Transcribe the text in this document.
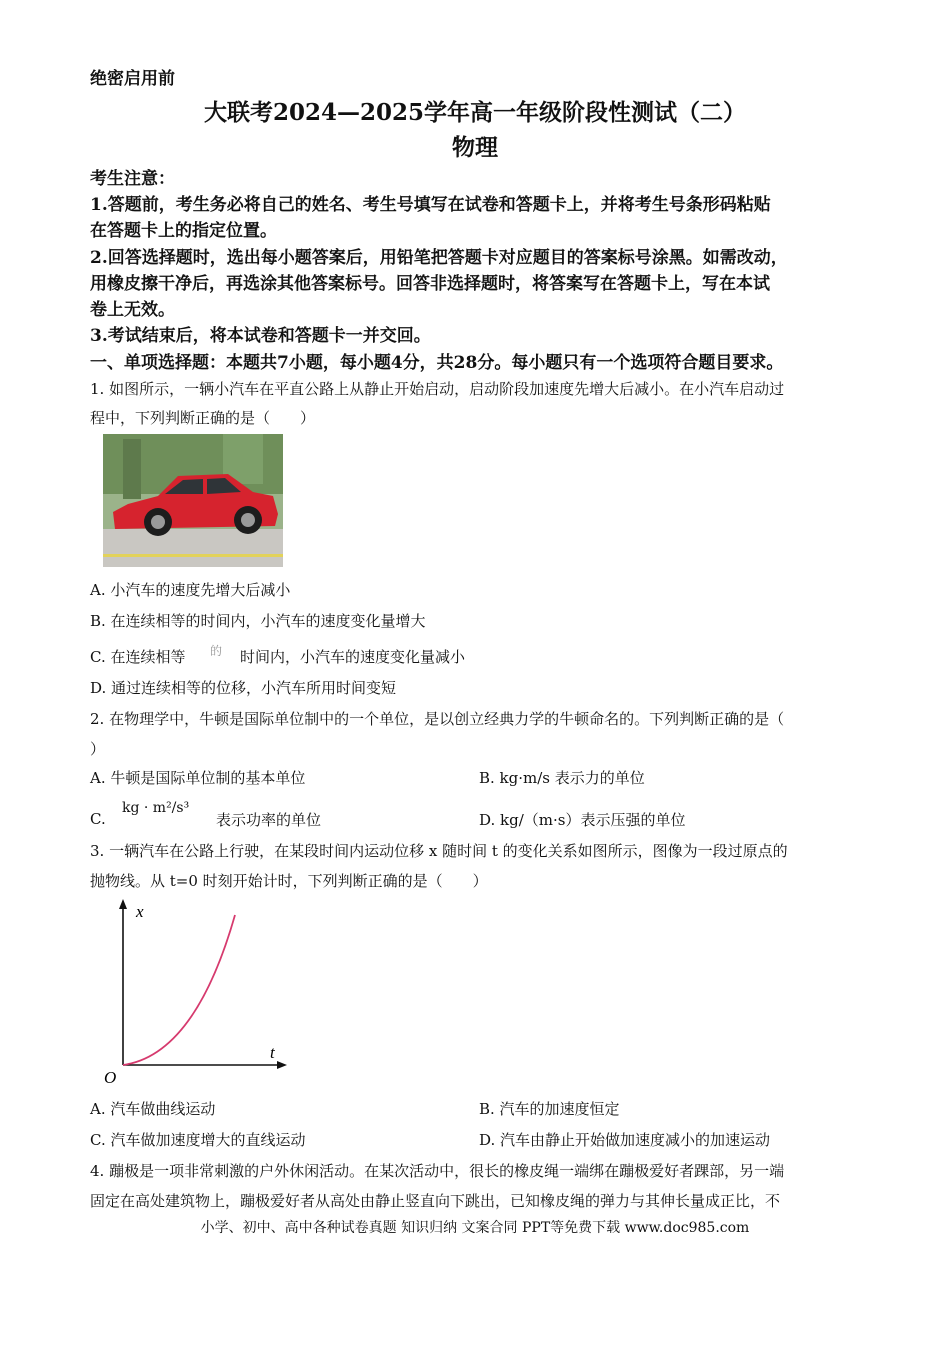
绝密启用前
大联考2024—2025学年高一年级阶段性测试（二）
物理
考生注意：
1.答题前，考生务必将自己的姓名、考生号填写在试卷和答题卡上，并将考生号条形码粘贴
在答题卡上的指定位置。
2.回答选择题时，选出每小题答案后，用铅笔把答题卡对应题目的答案标号涂黑。如需改动，
用橡皮擦干净后，再选涂其他答案标号。回答非选择题时，将答案写在答题卡上，写在本试
卷上无效。
3.考试结束后，将本试卷和答题卡一并交回。
一、单项选择题：本题共7小题，每小题4分，共28分。每小题只有一个选项符合题目要求。
1. 如图所示，一辆小汽车在平直公路上从静止开始启动，启动阶段加速度先增大后减小。在小汽车启动过
程中，下列判断正确的是（　　）
A. 小汽车的速度先增大后减小
B. 在连续相等的时间内，小汽车的速度变化量增大
C. 在连续相等 的 时间内，小汽车的速度变化量减小
D. 通过连续相等的位移，小汽车所用时间变短
2. 在物理学中，牛顿是国际单位制中的一个单位，是以创立经典力学的牛顿命名的。下列判断正确的是（
）
A. 牛顿是国际单位制的基本单位	B. kg·m/s 表示力的单位
C.
kg · m²/s³
表示功率的单位	D. kg/（m·s）表示压强的单位
3. 一辆汽车在公路上行驶，在某段时间内运动位移 x 随时间 t 的变化关系如图所示，图像为一段过原点的
抛物线。从 t=0 时刻开始计时，下列判断正确的是（　　）
x
t
O
A. 汽车做曲线运动	B. 汽车的加速度恒定
C. 汽车做加速度增大的直线运动	D. 汽车由静止开始做加速度减小的加速运动
4. 蹦极是一项非常刺激的户外休闲活动。在某次活动中，很长的橡皮绳一端绑在蹦极爱好者踝部，另一端
固定在高处建筑物上，蹦极爱好者从高处由静止竖直向下跳出，已知橡皮绳的弹力与其伸长量成正比，不
小学、初中、高中各种试卷真题 知识归纳 文案合同 PPT等免费下载 www.doc985.com
